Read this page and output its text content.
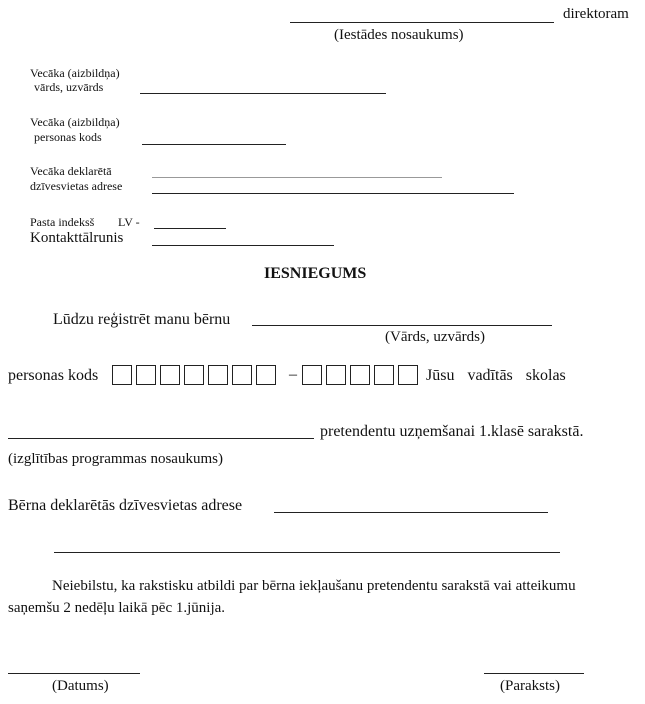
direktoram
(Iestādes nosaukums)
Vecāka (aizbildņa)
vārds, uzvārds
Vecāka (aizbildņa)
personas kods
Vecāka deklarētā
dzīvesvietas adrese
Pasta indeksš LV -
Kontakttālrunis
IESNIEGUMS
Lūdzu reģistrēt manu bērnu
(Vārds, uzvārds)
personas kods	–	Jūsu vadītās skolas
pretendentu uzņemšanai 1.klasē sarakstā.
(izglītības programmas nosaukums)
Bērna deklarētās dzīvesvietas adrese
Neiebilstu, ka rakstisku atbildi par bērna iekļaušanu pretendentu sarakstā vai atteikumu saņemšu 2 nedēļu laikā pēc 1.jūnija.
(Datums)	(Paraksts)
